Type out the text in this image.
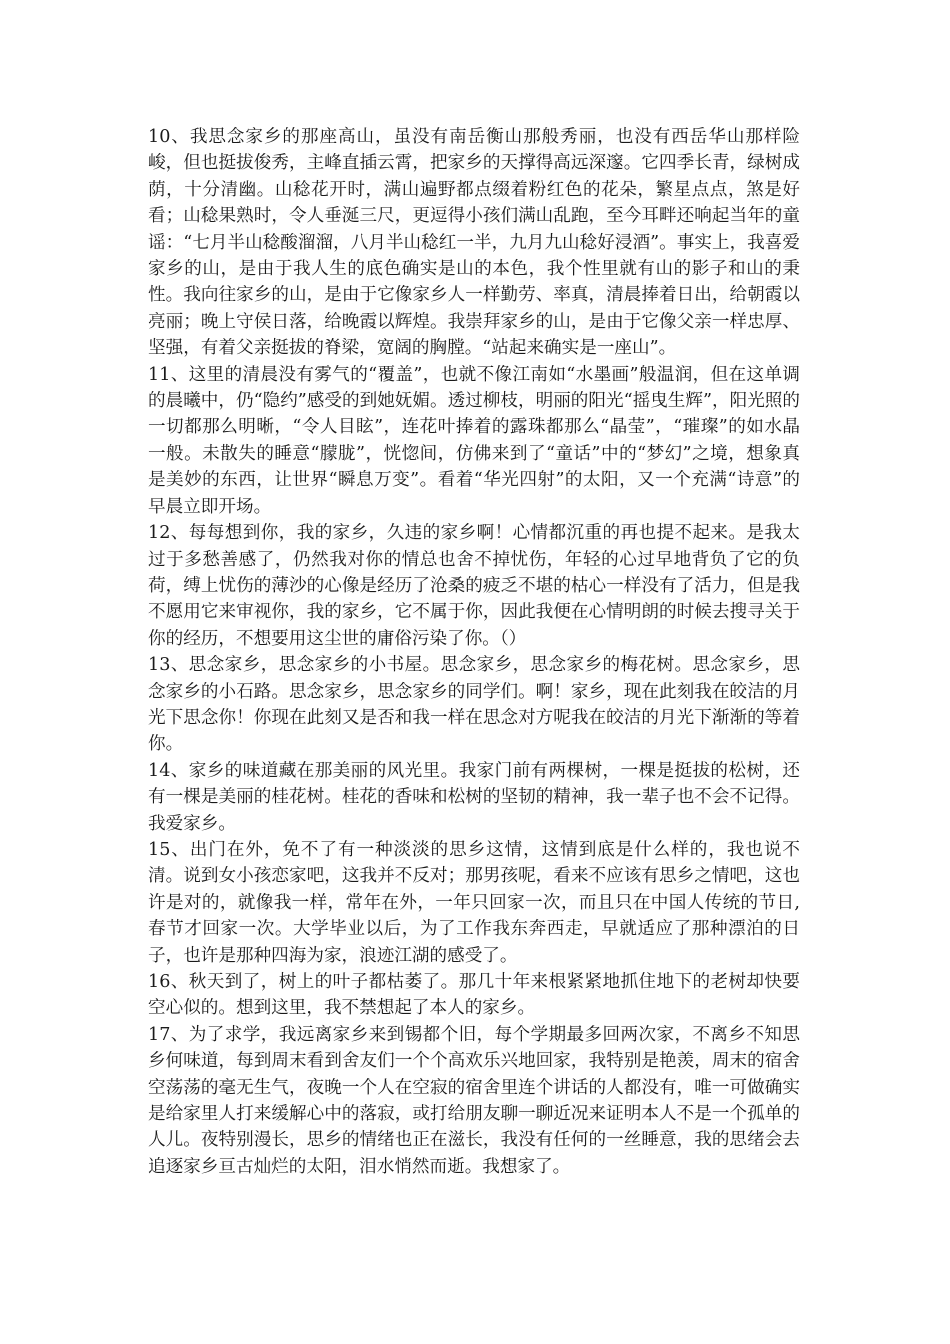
10、我思念家乡的那座高山，虽没有南岳衡山那般秀丽，也没有西岳华山那样险峻，但也挺拔俊秀，主峰直插云霄，把家乡的天撑得高远深邃。它四季长青，绿树成荫，十分清幽。山稔花开时，满山遍野都点缀着粉红色的花朵，繁星点点，煞是好看；山稔果熟时，令人垂涎三尺，更逗得小孩们满山乱跑，至今耳畔还响起当年的童谣：“七月半山稔酸溜溜，八月半山稔红一半，九月九山稔好浸酒”。事实上，我喜爱家乡的山，是由于我人生的底色确实是山的本色，我个性里就有山的影子和山的秉性。我向往家乡的山，是由于它像家乡人一样勤劳、率真，清晨捧着日出，给朝霞以亮丽；晚上守侯日落，给晚霞以辉煌。我崇拜家乡的山，是由于它像父亲一样忠厚、坚强，有着父亲挺拔的脊梁，宽阔的胸膛。“站起来确实是一座山”。

11、这里的清晨没有雾气的“覆盖”，也就不像江南如“水墨画”般温润，但在这单调的晨曦中，仍“隐约”感受的到她妩媚。透过柳枝，明丽的阳光“摇曳生辉”，阳光照的一切都那么明晰，“令人目眩”，连花叶捧着的露珠都那么“晶莹”，“璀璨”的如水晶一般。未散失的睡意“朦胧”，恍惚间，仿佛来到了“童话”中的“梦幻”之境，想象真是美妙的东西，让世界“瞬息万变”。看着“华光四射”的太阳，又一个充满“诗意”的早晨立即开场。

12、每每想到你，我的家乡，久违的家乡啊！心情都沉重的再也提不起来。是我太过于多愁善感了，仍然我对你的情总也舍不掉忧伤，年轻的心过早地背负了它的负荷，缚上忧伤的薄沙的心像是经历了沧桑的疲乏不堪的枯心一样没有了活力，但是我不愿用它来审视你，我的家乡，它不属于你，因此我便在心情明朗的时候去搜寻关于你的经历，不想要用这尘世的庸俗污染了你。（）

13、思念家乡，思念家乡的小书屋。思念家乡，思念家乡的梅花树。思念家乡，思念家乡的小石路。思念家乡，思念家乡的同学们。啊！家乡，现在此刻我在皎洁的月光下思念你！你现在此刻又是否和我一样在思念对方呢我在皎洁的月光下渐渐的等着你。

14、家乡的味道藏在那美丽的风光里。我家门前有两棵树，一棵是挺拔的松树，还有一棵是美丽的桂花树。桂花的香味和松树的坚韧的精神，我一辈子也不会不记得。我爱家乡。

15、出门在外，免不了有一种淡淡的思乡这情，这情到底是什么样的，我也说不清。说到女小孩恋家吧，这我并不反对；那男孩呢，看来不应该有思乡之情吧，这也许是对的，就像我一样，常年在外，一年只回家一次，而且只在中国人传统的节日,春节才回家一次。大学毕业以后，为了工作我东奔西走，早就适应了那种漂泊的日子，也许是那种四海为家，浪迹江湖的感受了。

16、秋天到了，树上的叶子都枯萎了。那几十年来根紧紧地抓住地下的老树却快要空心似的。想到这里，我不禁想起了本人的家乡。

17、为了求学，我远离家乡来到锡都个旧，每个学期最多回两次家，不离乡不知思乡何味道，每到周末看到舍友们一个个高欢乐兴地回家，我特别是艳羡，周末的宿舍空荡荡的毫无生气，夜晚一个人在空寂的宿舍里连个讲话的人都没有，唯一可做确实是给家里人打来缓解心中的落寂，或打给朋友聊一聊近况来证明本人不是一个孤单的人儿。夜特别漫长，思乡的情绪也正在滋长，我没有任何的一丝睡意，我的思绪会去追逐家乡亘古灿烂的太阳，泪水悄然而逝。我想家了。
